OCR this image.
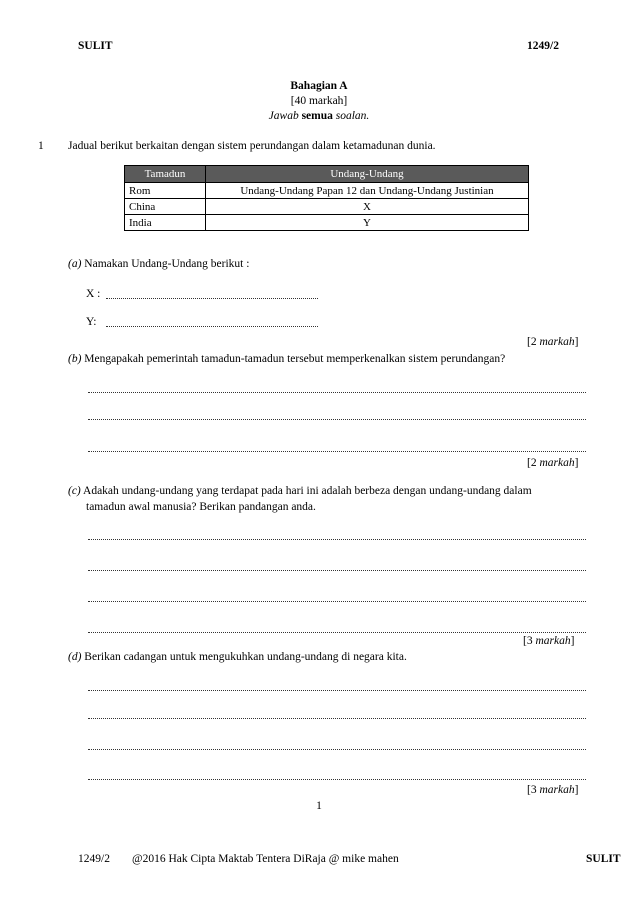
SULIT	1249/2
Bahagian A
[40 markah]
Jawab semua soalan.
1 Jadual berikut berkaitan dengan sistem perundangan dalam ketamadunan dunia.
Tamadun	Undang-Undang
Rom	Undang-Undang Papan 12 dan Undang-Undang Justinian
China	X
India	Y
(a) Namakan Undang-Undang berikut :
X :
Y:
[2 markah]
(b) Mengapakah pemerintah tamadun-tamadun tersebut memperkenalkan sistem perundangan?
[2 markah]
(c) Adakah undang-undang yang terdapat pada hari ini adalah berbeza dengan undang-undang dalam
tamadun awal manusia? Berikan pandangan anda.
[3 markah]
(d) Berikan cadangan untuk mengukuhkan undang-undang di negara kita.
[3 markah]
1
1249/2 @2016 Hak Cipta Maktab Tentera DiRaja @ mike mahen	SULIT
